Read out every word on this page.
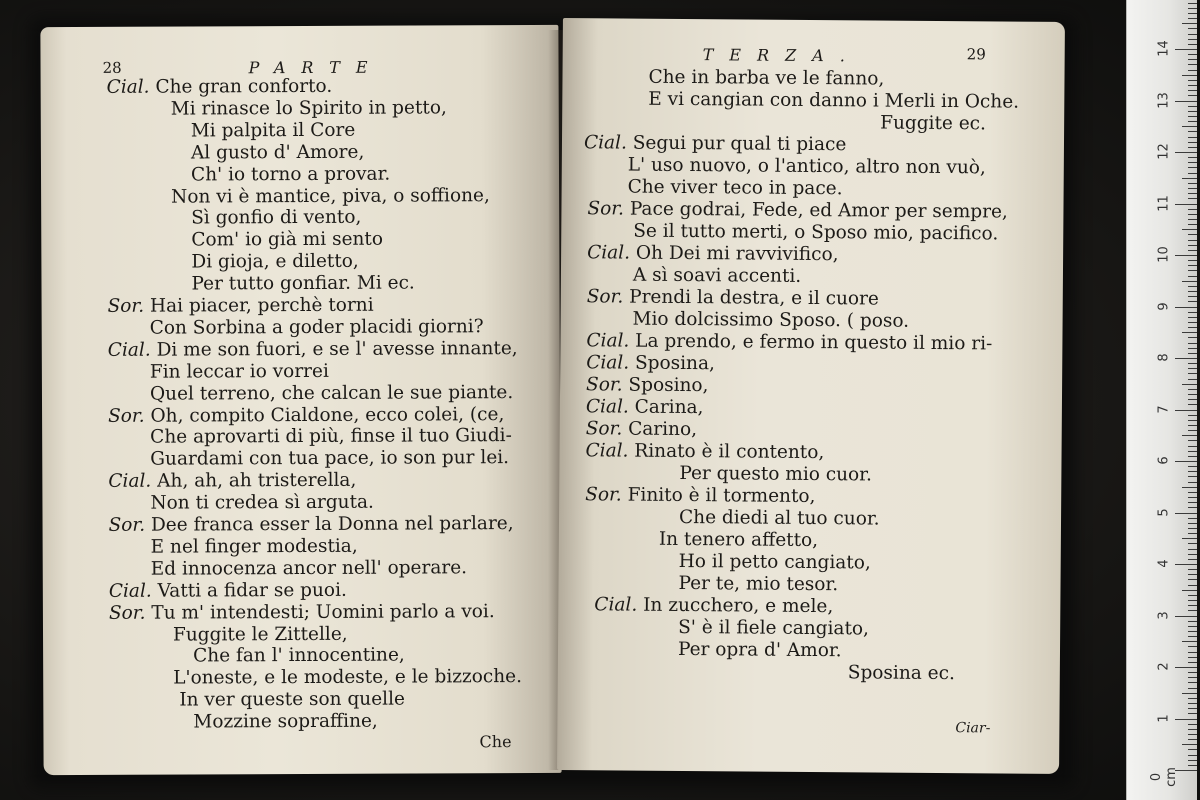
28	PARTE
Cial. Che gran conforto.
Mi rinasce lo Spirito in petto,
Mi palpita il Core
Al gusto d' Amore,
Ch' io torno a provar.
Non vi è mantice, piva, o soffione,
Sì gonfio di vento,
Com' io già mi sento
Di gioja, e diletto,
Per tutto gonfiar. Mi ec.
Sor. Hai piacer, perchè torni
Con Sorbina a goder placidi giorni?
Cial. Di me son fuori, e se l' avesse innante,
Fin leccar io vorrei
Quel terreno, che calcan le sue piante.
Sor. Oh, compito Cialdone, ecco colei, (ce,
Che aprovarti di più, finse il tuo Giudi-
Guardami con tua pace, io son pur lei.
Cial. Ah, ah, ah tristerella,
Non ti credea sì arguta.
Sor. Dee franca esser la Donna nel parlare,
E nel finger modestia,
Ed innocenza ancor nell' operare.
Cial. Vatti a fidar se puoi.
Sor. Tu m' intendesti; Uomini parlo a voi.
Fuggite le Zittelle,
Che fan l' innocentine,
L'oneste, e le modeste, e le bizzoche.
In ver queste son quelle
Mozzine sopraffine,
Che
TERZA.	29
Che in barba ve le fanno,
E vi cangian con danno i Merli in Oche.
Fuggite ec.
Cial. Segui pur qual ti piace
L' uso nuovo, o l'antico, altro non vuò,
Che viver teco in pace.
Sor. Pace godrai, Fede, ed Amor per sempre,
Se il tutto merti, o Sposo mio, pacifico.
Cial. Oh Dei mi ravvivifico,
A sì soavi accenti.
Sor. Prendi la destra, e il cuore
Mio dolcissimo Sposo. ( poso.
Cial. La prendo, e fermo in questo il mio ri-
Cial. Sposina,
Sor. Sposino,
Cial. Carina,
Sor. Carino,
Cial. Rinato è il contento,
Per questo mio cuor.
Sor. Finito è il tormento,
Che diedi al tuo cuor.
In tenero affetto,
Ho il petto cangiato,
Per te, mio tesor.
Cial. In zucchero, e mele,
S' è il fiele cangiato,
Per opra d' Amor.
Sposina ec.
Ciar-
0 cm
1
2
3
4
5
6
7
8
9
10
11
12
13
14
